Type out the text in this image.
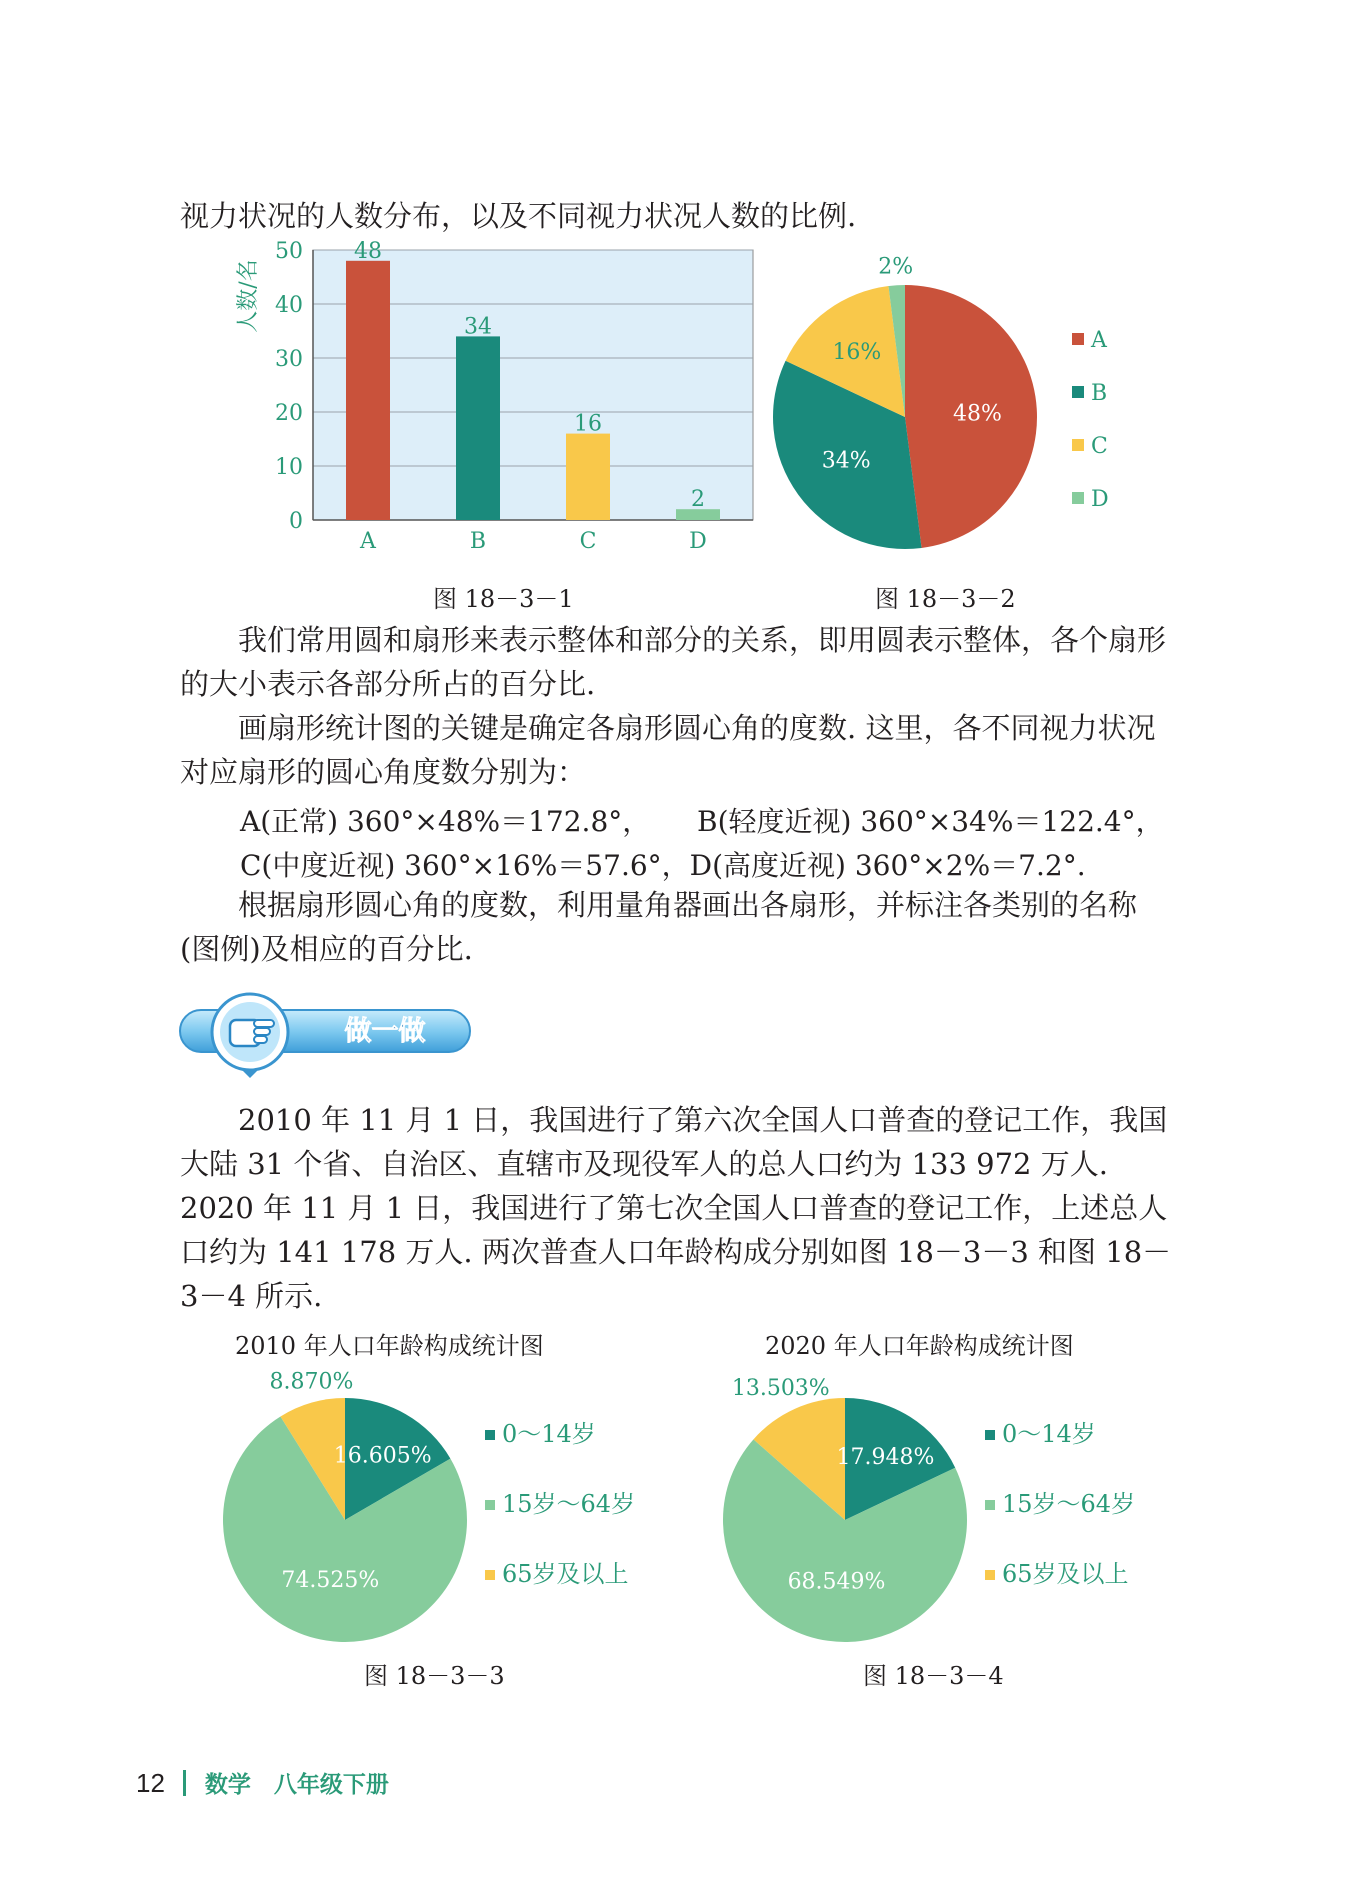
视力状况的人数分布，以及不同视力状况人数的比例.
0
10
20
30
40
50 48
A
34
B
16
C
2
D
人数/名
48%
34%
16%
2%
A
B
C
D
图 18－3－1	图 18－3－2
我们常用圆和扇形来表示整体和部分的关系，即用圆表示整体，各个扇形的大小表示各部分所占的百分比.
画扇形统计图的关键是确定各扇形圆心角的度数. 这里，各不同视力状况对应扇形的圆心角度数分别为：
A(正常) 360°×48%＝172.8°， B(轻度近视) 360°×34%＝122.4°，
C(中度近视) 360°×16%＝57.6°，D(高度近视) 360°×2%＝7.2°.
根据扇形圆心角的度数，利用量角器画出各扇形，并标注各类别的名称(图例)及相应的百分比.
做一做
2010 年 11 月 1 日，我国进行了第六次全国人口普查的登记工作，我国大陆 31 个省、自治区、直辖市及现役军人的总人口约为 133 972 万人. 2020 年 11 月 1 日，我国进行了第七次全国人口普查的登记工作，上述总人口约为 141 178 万人. 两次普查人口年龄构成分别如图 18－3－3 和图 18－3－4 所示.
2010 年人口年龄构成统计图
16.605%
74.525%
8.870%
0～14岁
15岁～64岁
65岁及以上
2020 年人口年龄构成统计图
17.948%
68.549%
13.503%
0～14岁
15岁～64岁
65岁及以上
图 18－3－3	图 18－3－4
12 数学　八年级下册
